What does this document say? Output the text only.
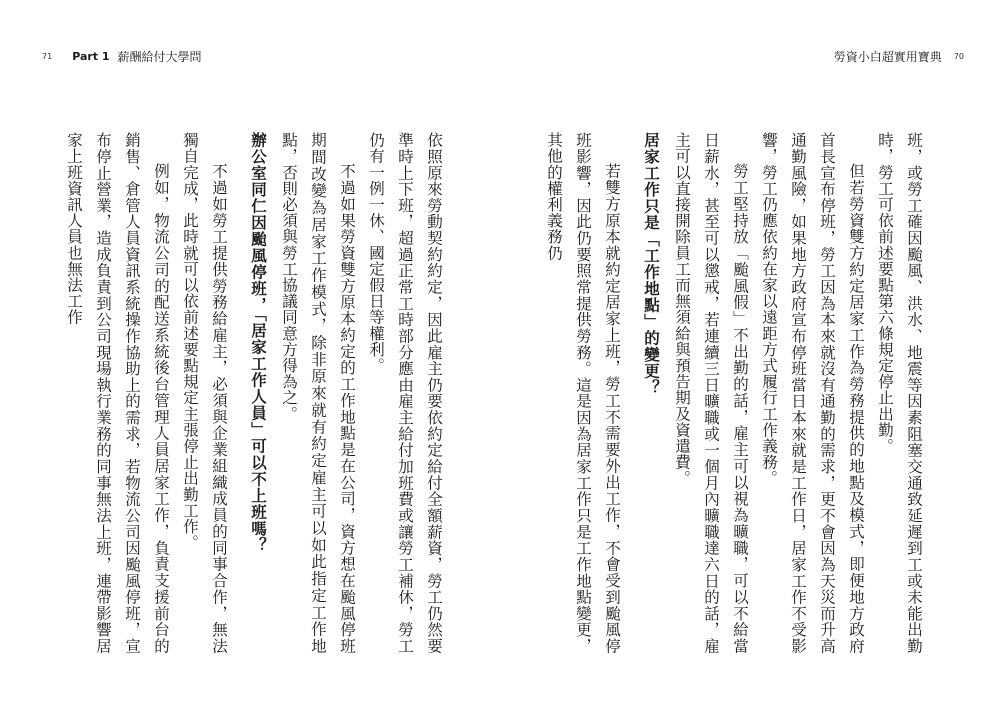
71 Part 1 薪酬給付大學問	勞資小白超實用寶典 70

班，或勞工確因颱風、洪水、地震等因素阻塞交通致延遲到工或未能出勤時，勞工可依前述要點第六條規定停止出勤。

但若勞資雙方約定居家工作為勞務提供的地點及模式，即便地方政府首長宣布停班，勞工因為本來就沒有通勤的需求，更不會因為天災而升高通勤風險，如果地方政府宣布停班當日本來就是工作日，居家工作不受影響，勞工仍應依約在家以遠距方式履行工作義務。

勞工堅持放「颱風假」不出勤的話，雇主可以視為曠職，可以不給當日薪水，甚至可以懲戒，若連續三日曠職或一個月內曠職達六日的話，雇主可以直接開除員工而無須給與預告期及資遣費。

居家工作只是「工作地點」的變更？

若雙方原本就約定居家上班，勞工不需要外出工作，不會受到颱風停班影響，因此仍要照常提供勞務。這是因為居家工作只是工作地點變更，其他的權利義務仍

依照原來勞動契約約定，因此雇主仍要依約定給付全額薪資，勞工仍然要準時上下班，超過正常工時部分應由雇主給付加班費或讓勞工補休，勞工仍有一例一休、國定假日等權利。

不過如果勞資雙方原本約定的工作地點是在公司，資方想在颱風停班期間改變為居家工作模式，除非原來就有約定雇主可以如此指定工作地點，否則必須與勞工協議同意方得為之。

辦公室同仁因颱風停班，「居家工作人員」可以不上班嗎？

不過如勞工提供勞務給雇主，必須與企業組織成員的同事合作，無法獨自完成，此時就可以依前述要點規定主張停止出勤工作。

例如，物流公司的配送系統後台管理人員居家工作，負責支援前台的銷售、倉管人員資訊系統操作協助上的需求，若物流公司因颱風停班，宣布停止營業，造成負責到公司現場執行業務的同事無法上班，連帶影響居家上班資訊人員也無法工作
